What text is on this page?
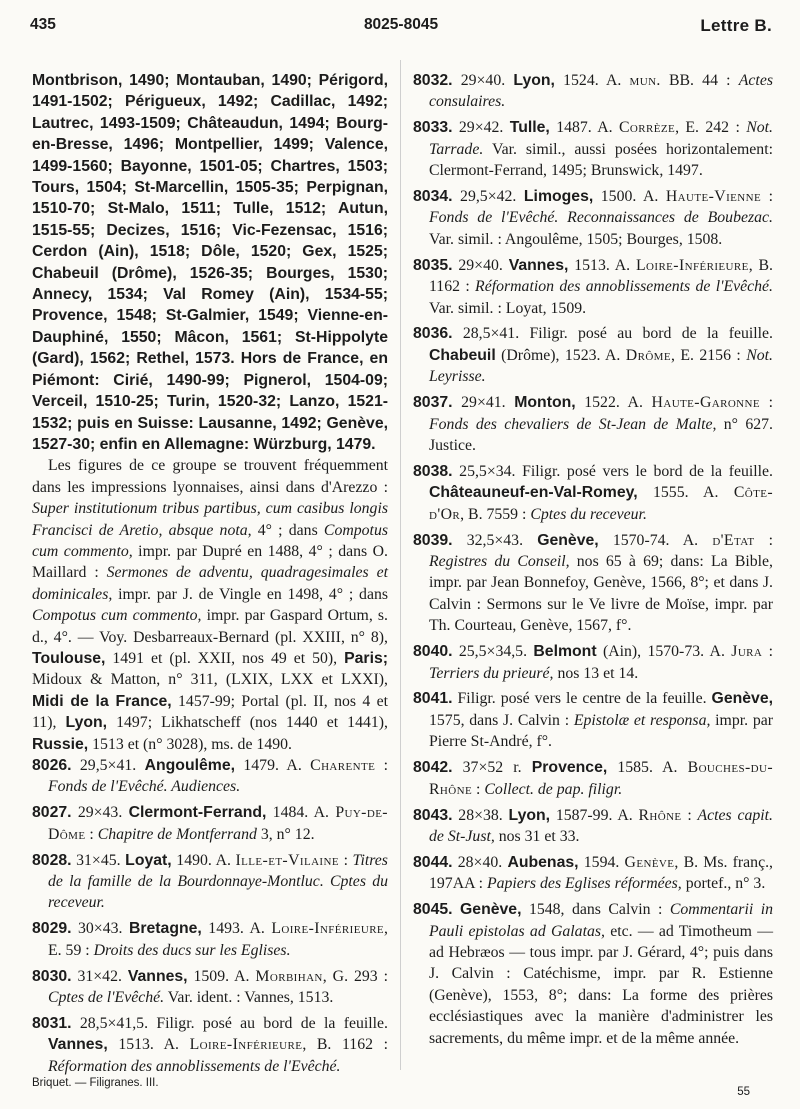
435	8025-8045	Lettre B.

Montbrison, 1490; Montauban, 1490; Périgord, 1491-1502; Périgueux, 1492; Cadillac, 1492; Lautrec, 1493-1509; Châteaudun, 1494; Bourg-en-Bresse, 1496; Montpellier, 1499; Valence, 1499-1560; Bayonne, 1501-05; Chartres, 1503; Tours, 1504; St-Marcellin, 1505-35; Perpignan, 1510-70; St-Malo, 1511; Tulle, 1512; Autun, 1515-55; Decizes, 1516; Vic-Fezensac, 1516; Cerdon (Ain), 1518; Dôle, 1520; Gex, 1525; Chabeuil (Drôme), 1526-35; Bourges, 1530; Annecy, 1534; Val Romey (Ain), 1534-55; Provence, 1548; St-Galmier, 1549; Vienne-en-Dauphiné, 1550; Mâcon, 1561; St-Hippolyte (Gard), 1562; Rethel, 1573. Hors de France, en Piémont: Cirié, 1490-99; Pignerol, 1504-09; Verceil, 1510-25; Turin, 1520-32; Lanzo, 1521-1532; puis en Suisse: Lausanne, 1492; Genève, 1527-30; enfin en Allemagne: Würzburg, 1479.

Les figures de ce groupe se trouvent fréquemment dans les impressions lyonnaises, ainsi dans d'Arezzo : Super institutionum tribus partibus, cum casibus longis Francisci de Aretio, absque nota, 4° ; dans Compotus cum commento, impr. par Dupré en 1488, 4° ; dans O. Maillard : Sermones de adventu, quadragesimales et dominicales, impr. par J. de Vingle en 1498, 4° ; dans Compotus cum commento, impr. par Gaspard Ortum, s. d., 4°. — Voy. Desbarreaux-Bernard (pl. XXIII, n° 8), Toulouse, 1491 et (pl. XXII, nos 49 et 50), Paris; Midoux & Matton, n° 311, (LXIX, LXX et LXXI), Midi de la France, 1457-99; Portal (pl. II, nos 4 et 11), Lyon, 1497; Likhatscheff (nos 1440 et 1441), Russie, 1513 et (n° 3028), ms. de 1490.

8026. 29,5×41. Angoulême, 1479. A. Charente : Fonds de l'Evêché. Audiences.

8027. 29×43. Clermont-Ferrand, 1484. A. Puy-de-Dôme : Chapitre de Montferrand 3, n° 12.

8028. 31×45. Loyat, 1490. A. Ille-et-Vilaine : Titres de la famille de la Bourdonnaye-Montluc. Cptes du receveur.

8029. 30×43. Bretagne, 1493. A. Loire-Inférieure, E. 59 : Droits des ducs sur les Eglises.

8030. 31×42. Vannes, 1509. A. Morbihan, G. 293 : Cptes de l'Evêché. Var. ident. : Vannes, 1513.

8031. 28,5×41,5. Filigr. posé au bord de la feuille. Vannes, 1513. A. Loire-Inférieure, B. 1162 : Réformation des annoblissements de l'Evêché.

8032. 29×40. Lyon, 1524. A. mun. BB. 44 : Actes consulaires.

8033. 29×42. Tulle, 1487. A. Corrèze, E. 242 : Not. Tarrade. Var. simil., aussi posées horizontalement: Clermont-Ferrand, 1495; Brunswick, 1497.

8034. 29,5×42. Limoges, 1500. A. Haute-Vienne : Fonds de l'Evêché. Reconnaissances de Boubezac. Var. simil. : Angoulême, 1505; Bourges, 1508.

8035. 29×40. Vannes, 1513. A. Loire-Inférieure, B. 1162 : Réformation des annoblissements de l'Evêché. Var. simil. : Loyat, 1509.

8036. 28,5×41. Filigr. posé au bord de la feuille. Chabeuil (Drôme), 1523. A. Drôme, E. 2156 : Not. Leyrisse.

8037. 29×41. Monton, 1522. A. Haute-Garonne : Fonds des chevaliers de St-Jean de Malte, n° 627. Justice.

8038. 25,5×34. Filigr. posé vers le bord de la feuille. Châteauneuf-en-Val-Romey, 1555. A. Côte-d'Or, B. 7559 : Cptes du receveur.

8039. 32,5×43. Genève, 1570-74. A. d'Etat : Registres du Conseil, nos 65 à 69; dans: La Bible, impr. par Jean Bonnefoy, Genève, 1566, 8°; et dans J. Calvin : Sermons sur le Ve livre de Moïse, impr. par Th. Courteau, Genève, 1567, f°.

8040. 25,5×34,5. Belmont (Ain), 1570-73. A. Jura : Terriers du prieuré, nos 13 et 14.

8041. Filigr. posé vers le centre de la feuille. Genève, 1575, dans J. Calvin : Epistolæ et responsa, impr. par Pierre St-André, f°.

8042. 37×52 r. Provence, 1585. A. Bouches-du-Rhône : Collect. de pap. filigr.

8043. 28×38. Lyon, 1587-99. A. Rhône : Actes capit. de St-Just, nos 31 et 33.

8044. 28×40. Aubenas, 1594. Genève, B. Ms. franç., 197AA : Papiers des Eglises réformées, portef., n° 3.

8045. Genève, 1548, dans Calvin : Commentarii in Pauli epistolas ad Galatas, etc. — ad Timotheum — ad Hebræos — tous impr. par J. Gérard, 4°; puis dans J. Calvin : Catéchisme, impr. par R. Estienne (Genève), 1553, 8°; dans: La forme des prières ecclésiastiques avec la manière d'administrer les sacrements, du même impr. et de la même année.

Briquet. — Filigranes. III.
55
